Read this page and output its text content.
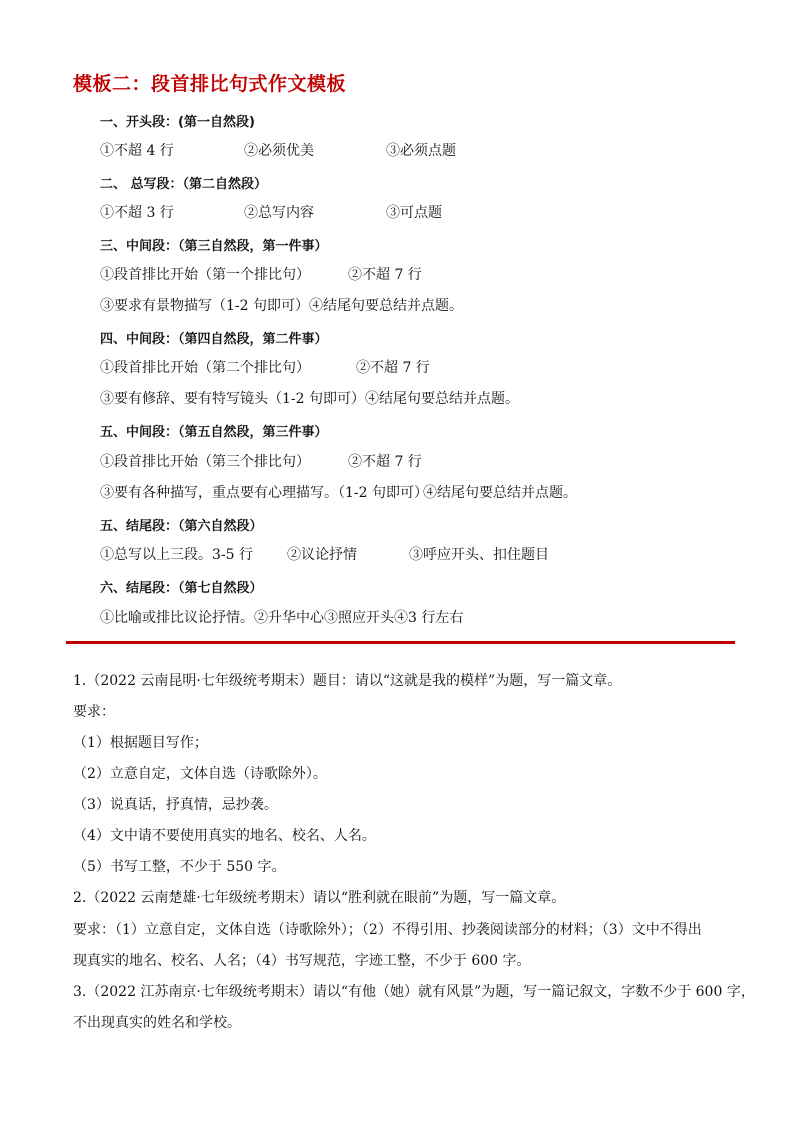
模板二：段首排比句式作文模板
一、开头段：(第一自然段)
①不超 4 行	②必须优美	③必须点题
二、 总写段：（第二自然段）
①不超 3 行	②总写内容	③可点题
三、中间段：（第三自然段，第一件事）
①段首排比开始（第一个排比句）	②不超 7 行
③要求有景物描写（1-2 句即可）④结尾句要总结并点题。
四、中间段：（第四自然段，第二件事）
①段首排比开始（第二个排比句）	②不超 7 行
③要有修辞、要有特写镜头（1-2 句即可）④结尾句要总结并点题。
五、中间段：（第五自然段，第三件事）
①段首排比开始（第三个排比句）	②不超 7 行
③要有各种描写，重点要有心理描写。（1-2 句即可）④结尾句要总结并点题。
五、结尾段：（第六自然段）
①总写以上三段。3-5 行 ②议论抒情	③呼应开头、扣住题目
六、结尾段：（第七自然段）
①比喻或排比议论抒情。②升华中心③照应开头④3 行左右
1.（2022 云南昆明·七年级统考期末）题目：请以“这就是我的模样”为题，写一篇文章。
要求：
（1）根据题目写作；
（2）立意自定，文体自选（诗歌除外）。
（3）说真话，抒真情，忌抄袭。
（4）文中请不要使用真实的地名、校名、人名。
（5）书写工整，不少于 550 字。
2.（2022 云南楚雄·七年级统考期末）请以“胜利就在眼前”为题，写一篇文章。
要求：（1）立意自定，文体自选（诗歌除外）；（2）不得引用、抄袭阅读部分的材料；（3）文中不得出
现真实的地名、校名、人名；（4）书写规范，字迹工整，不少于 600 字。
3.（2022 江苏南京·七年级统考期末）请以“有他（她）就有风景”为题，写一篇记叙文，字数不少于 600 字，
不出现真实的姓名和学校。
